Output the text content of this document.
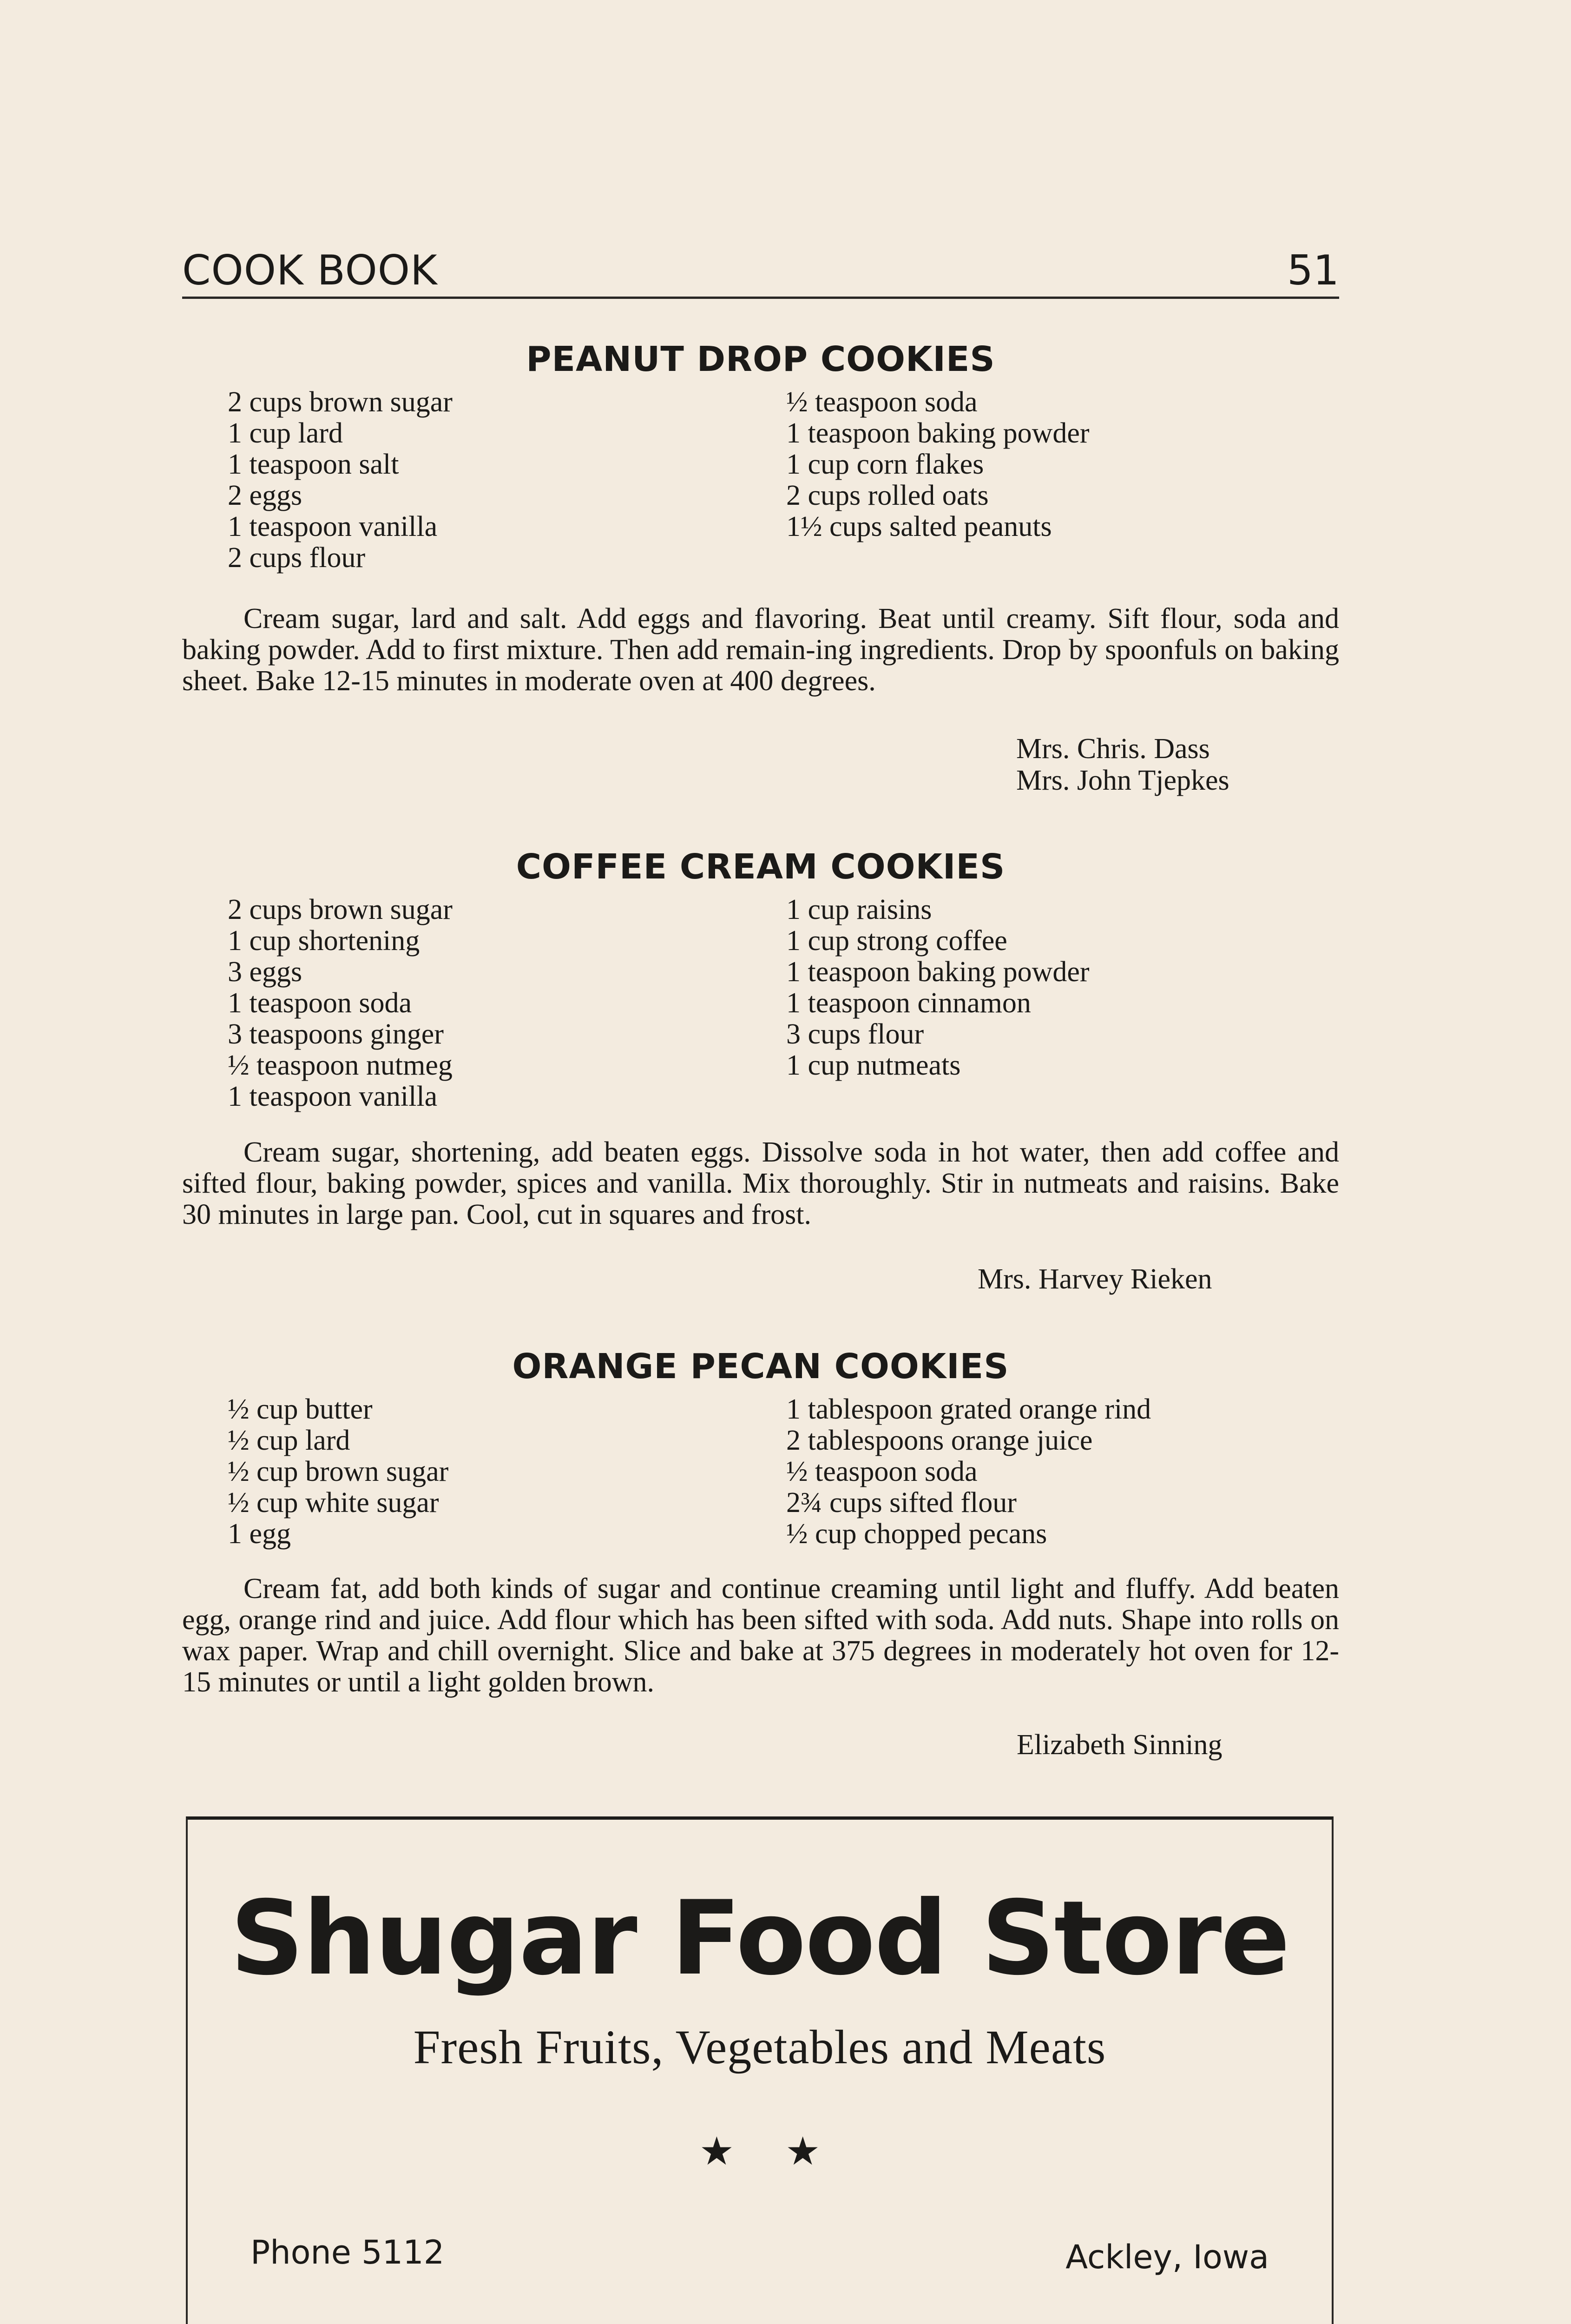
COOK BOOK	51
PEANUT DROP COOKIES
2 cups brown sugar
1 cup lard
1 teaspoon salt
2 eggs
1 teaspoon vanilla
2 cups flour
½ teaspoon soda
1 teaspoon baking powder
1 cup corn flakes
2 cups rolled oats
1½ cups salted peanuts
Cream sugar, lard and salt. Add eggs and flavoring. Beat until creamy. Sift flour, soda and baking powder. Add to first mixture. Then add remain-ing ingredients. Drop by spoonfuls on baking sheet. Bake 12-15 minutes in moderate oven at 400 degrees.
Mrs. Chris. Dass
Mrs. John Tjepkes
COFFEE CREAM COOKIES
2 cups brown sugar
1 cup shortening
3 eggs
1 teaspoon soda
3 teaspoons ginger
½ teaspoon nutmeg
1 teaspoon vanilla
1 cup raisins
1 cup strong coffee
1 teaspoon baking powder
1 teaspoon cinnamon
3 cups flour
1 cup nutmeats
Cream sugar, shortening, add beaten eggs. Dissolve soda in hot water, then add coffee and sifted flour, baking powder, spices and vanilla. Mix thoroughly. Stir in nutmeats and raisins. Bake 30 minutes in large pan. Cool, cut in squares and frost.
Mrs. Harvey Rieken
ORANGE PECAN COOKIES
½ cup butter
½ cup lard
½ cup brown sugar
½ cup white sugar
1 egg
1 tablespoon grated orange rind
2 tablespoons orange juice
½ teaspoon soda
2¾ cups sifted flour
½ cup chopped pecans
Cream fat, add both kinds of sugar and continue creaming until light and fluffy. Add beaten egg, orange rind and juice. Add flour which has been sifted with soda. Add nuts. Shape into rolls on wax paper. Wrap and chill overnight. Slice and bake at 375 degrees in moderately hot oven for 12-15 minutes or until a light golden brown.
Elizabeth Sinning
Shugar Food Store
Fresh Fruits, Vegetables and Meats
★★
Phone 5112	Ackley, Iowa
